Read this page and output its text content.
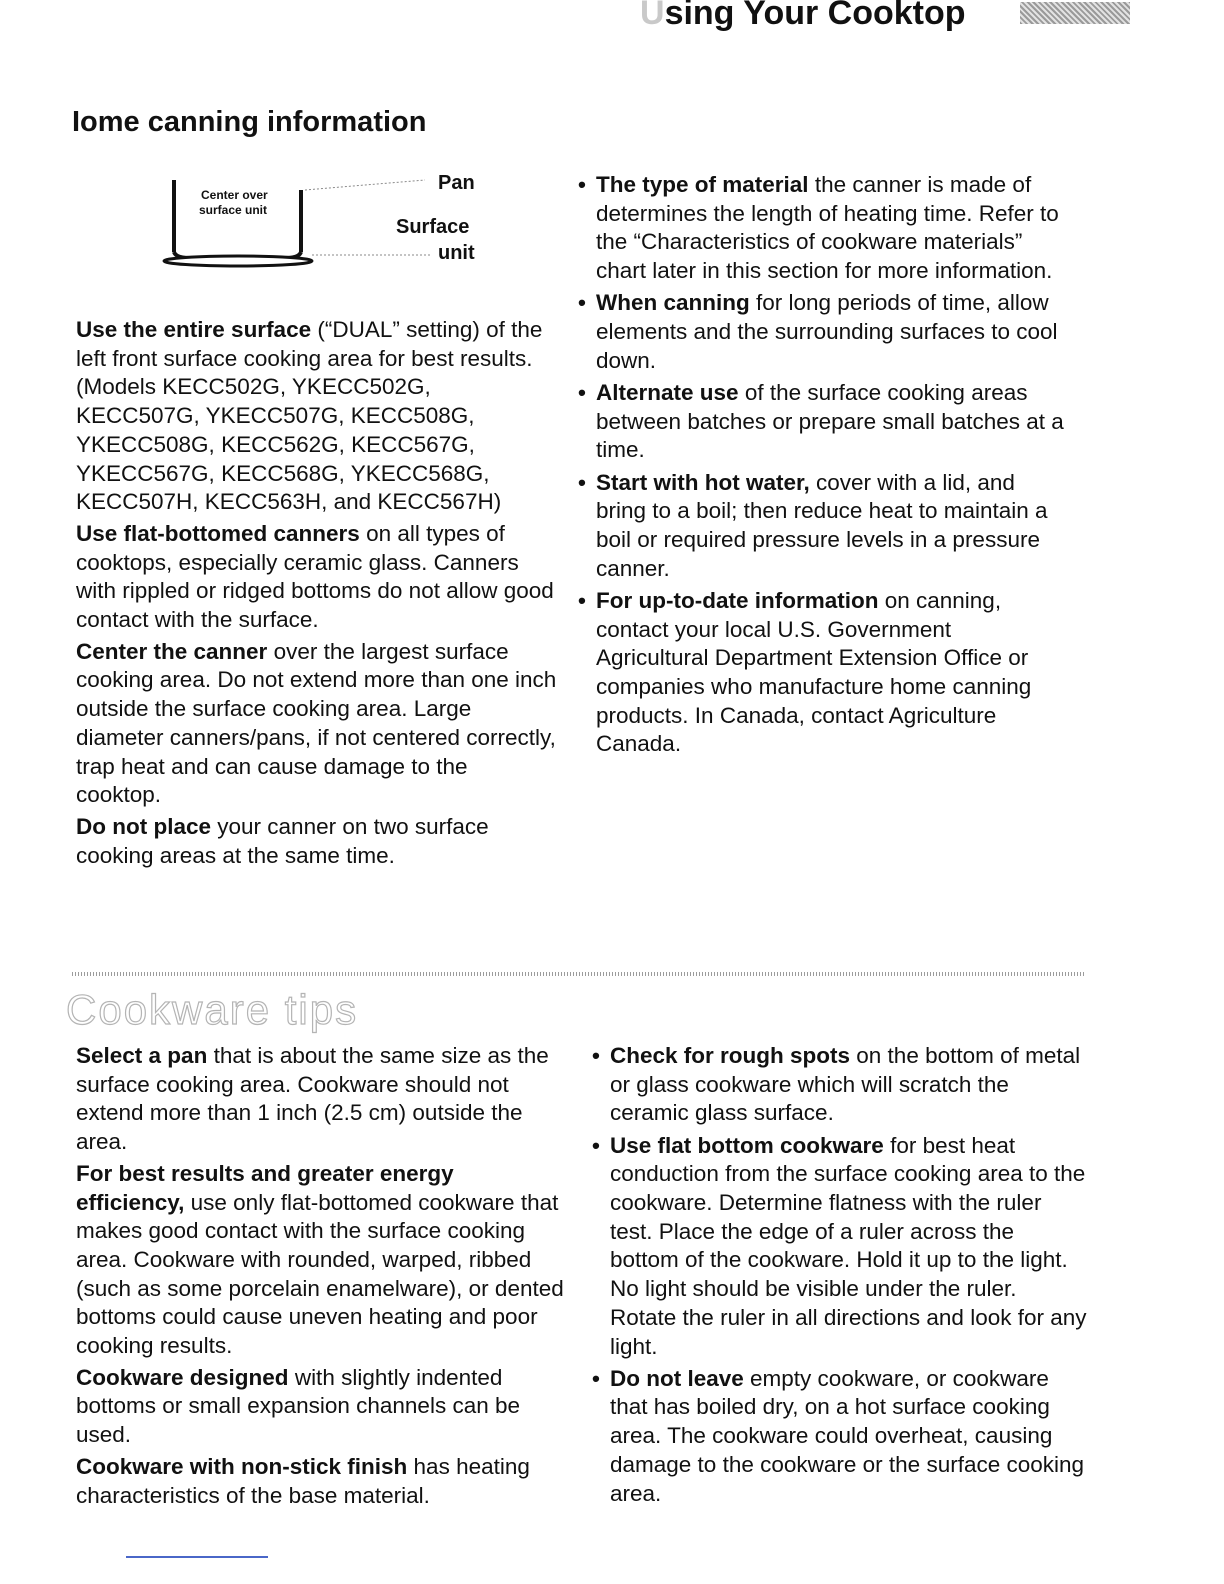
Using Your Cooktop
Iome canning information
Center over
surface unit
Pan
Surface
unit

Use the entire surface (“DUAL” setting) of the left front surface cooking area for best results. (Models KECC502G, YKECC502G, KECC507G, YKECC507G, KECC508G, YKECC508G, KECC562G, KECC567G, YKECC567G, KECC568G, YKECC568G, KECC507H, KECC563H, and KECC567H)

Use flat-bottomed canners on all types of cooktops, especially ceramic glass. Canners with rippled or ridged bottoms do not allow good contact with the surface.

Center the canner over the largest surface cooking area. Do not extend more than one inch outside the surface cooking area. Large diameter canners/pans, if not centered correctly, trap heat and can cause damage to the cooktop.

Do not place your canner on two surface cooking areas at the same time.

• The type of material the canner is made of determines the length of heating time. Refer to the “Characteristics of cookware materials” chart later in this section for more information.
• When canning for long periods of time, allow elements and the surrounding surfaces to cool down.
• Alternate use of the surface cooking areas between batches or prepare small batches at a time.
• Start with hot water, cover with a lid, and bring to a boil; then reduce heat to maintain a boil or required pressure levels in a pressure canner.
• For up-to-date information on canning, contact your local U.S. Government Agricultural Department Extension Office or companies who manufacture home canning products. In Canada, contact Agriculture Canada.
Cookware tips

Select a pan that is about the same size as the surface cooking area. Cookware should not extend more than 1 inch (2.5 cm) outside the area.

For best results and greater energy efficiency, use only flat-bottomed cookware that makes good contact with the surface cooking area. Cookware with rounded, warped, ribbed (such as some porcelain enamelware), or dented bottoms could cause uneven heating and poor cooking results.

Cookware designed with slightly indented bottoms or small expansion channels can be used.

Cookware with non-stick finish has heating characteristics of the base material.

• Check for rough spots on the bottom of metal or glass cookware which will scratch the ceramic glass surface.
• Use flat bottom cookware for best heat conduction from the surface cooking area to the cookware. Determine flatness with the ruler test. Place the edge of a ruler across the bottom of the cookware. Hold it up to the light. No light should be visible under the ruler. Rotate the ruler in all directions and look for any light.
• Do not leave empty cookware, or cookware that has boiled dry, on a hot surface cooking area. The cookware could overheat, causing damage to the cookware or the surface cooking area.
